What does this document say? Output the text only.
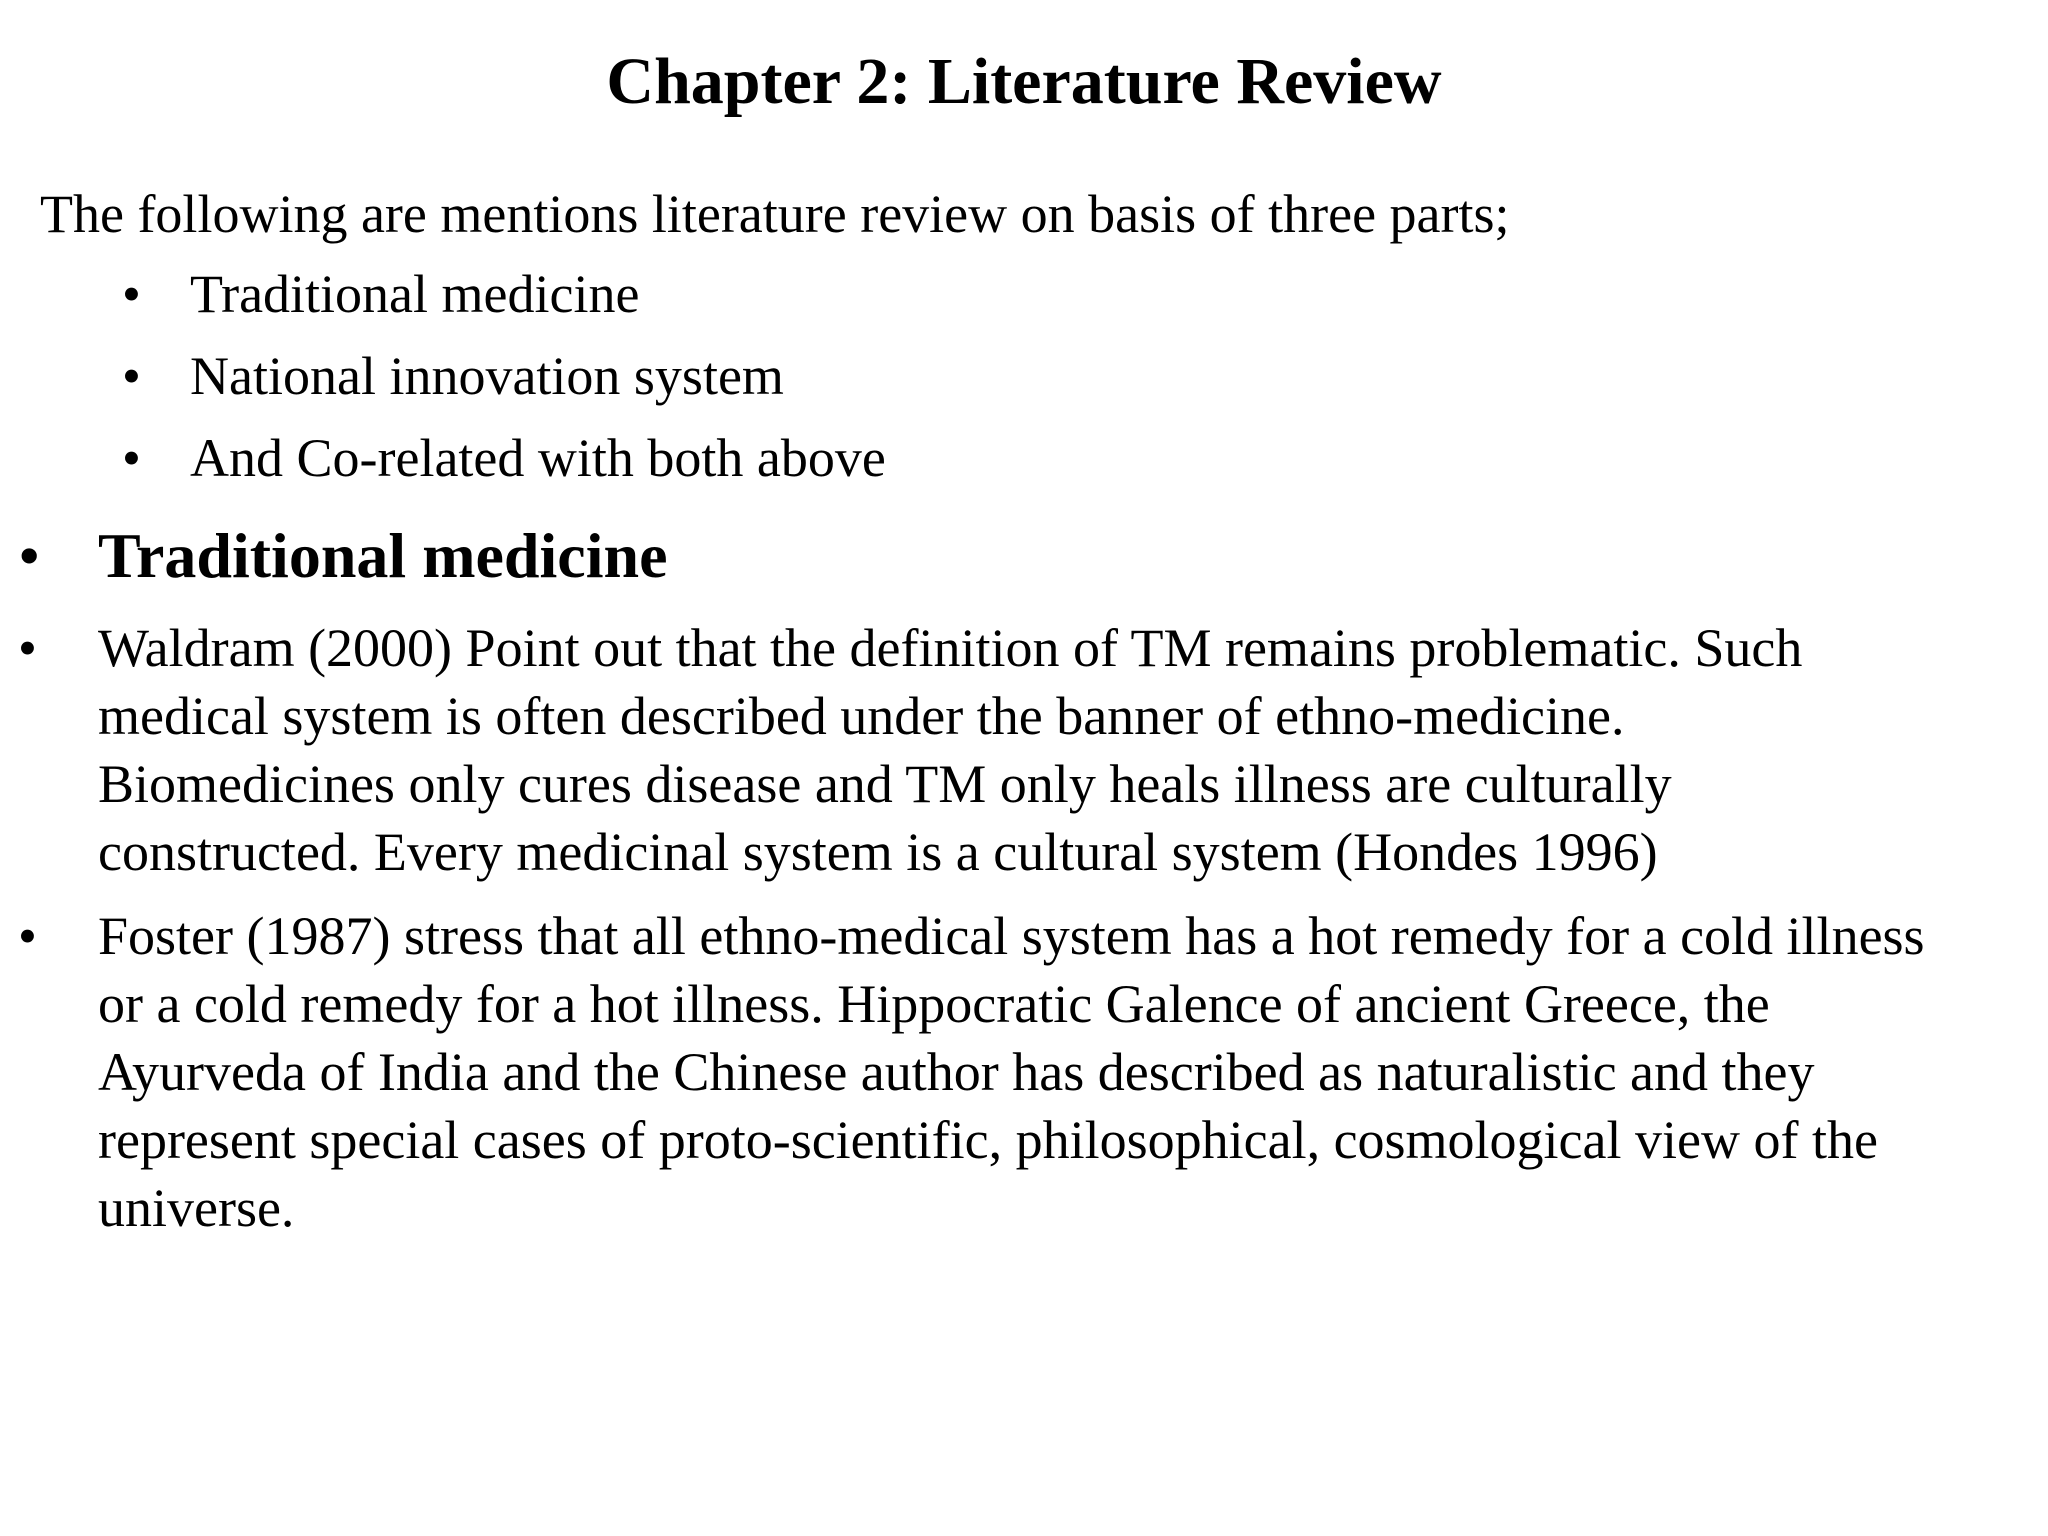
Chapter 2: Literature Review

The following are mentions literature review on basis of three parts;

• Traditional medicine
• National innovation system
• And Co-related with both above
• Traditional medicine
• Waldram (2000) Point out that the definition of TM remains problematic. Such
medical system is often described under the banner of ethno-medicine.
Biomedicines only cures disease and TM only heals illness are culturally
constructed. Every medicinal system is a cultural system (Hondes 1996)
• Foster (1987) stress that all ethno-medical system has a hot remedy for a cold illness
or a cold remedy for a hot illness. Hippocratic Galence of ancient Greece, the
Ayurveda of India and the Chinese author has described as naturalistic and they
represent special cases of proto-scientific, philosophical, cosmological view of the
universe.
